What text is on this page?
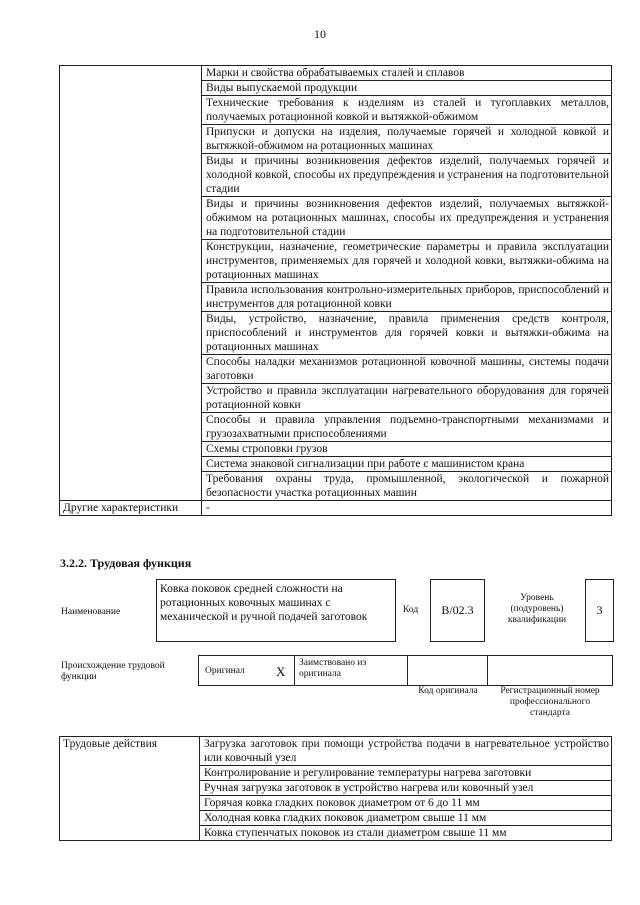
10
	Марки и свойства обрабатываемых сталей и сплавов
	Виды выпускаемой продукции
	Технические требования к изделиям из сталей и тугоплавких металлов, получаемых ротационной ковкой и вытяжкой-обжимом
	Припуски и допуски на изделия, получаемые горячей и холодной ковкой и вытяжкой-обжимом на ротационных машинах
	Виды и причины возникновения дефектов изделий, получаемых горячей и холодной ковкой, способы их предупреждения и устранения на подготовительной стадии
	Виды и причины возникновения дефектов изделий, получаемых вытяжкой-обжимом на ротационных машинах, способы их предупреждения и устранения на подготовительной стадии
	Конструкции, назначение, геометрические параметры и правила эксплуатации инструментов, применяемых для горячей и холодной ковки, вытяжки-обжима на ротационных машинах
	Правила использования контрольно-измерительных приборов, приспособлений и инструментов для ротационной ковки
	Виды, устройство, назначение, правила применения средств контроля, приспособлений и инструментов для горячей ковки и вытяжки-обжима на ротационных машинах
	Способы наладки механизмов ротационной ковочной машины, системы подачи заготовки
	Устройство и правила эксплуатации нагревательного оборудования для горячей ротационной ковки
	Способы и правила управления подъемно-транспортными механизмами и грузозахватными приспособлениями
	Схемы строповки грузов
	Система знаковой сигнализации при работе с машинистом крана
	Требования охраны труда, промышленной, экологической и пожарной безопасности участка ротационных машин
Другие характеристики	-
3.2.2. Трудовая функция
Наименование
Ковка поковок средней сложности на ротационных ковочных машинах с механической и ручной подачей заготовок
Код	B/02.3
Уровень (подуровень) квалификации
3
Происхождение трудовой функции
Оригинал X
Заимствовано из оригинала
Код оригинала	Регистрационный номер профессионального стандарта
Трудовые действия	Загрузка заготовок при помощи устройства подачи в нагревательное устройство или ковочный узел
Контролирование и регулирование температуры нагрева заготовки
Ручная загрузка заготовок в устройство нагрева или ковочный узел
Горячая ковка гладких поковок диаметром от 6 до 11 мм
Холодная ковка гладких поковок диаметром свыше 11 мм
Ковка ступенчатых поковок из стали диаметром свыше 11 мм
